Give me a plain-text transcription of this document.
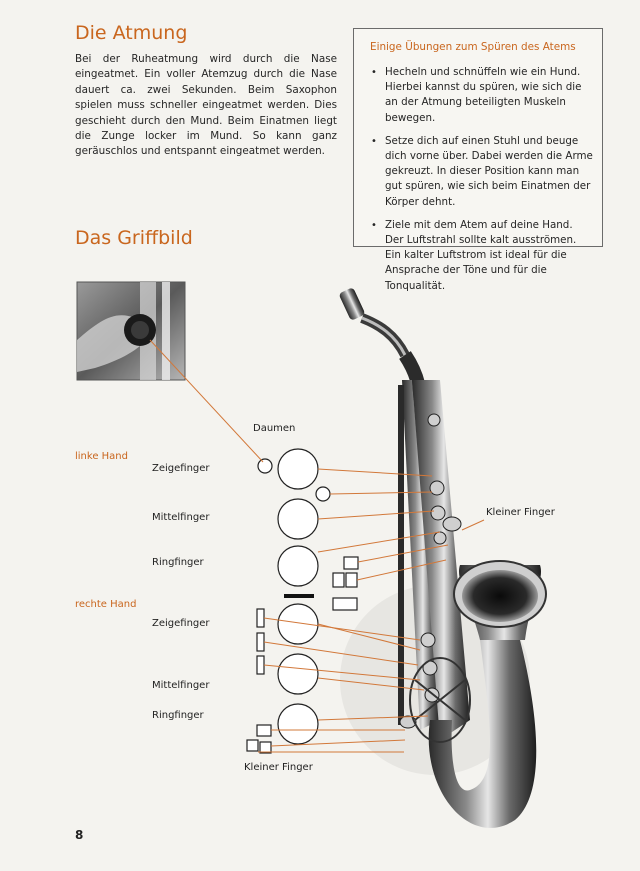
Die Atmung
Bei der Ruheatmung wird durch die Nase eingeatmet. Ein voller Atemzug durch die Nase dauert ca. zwei Sekunden. Beim Saxophon spielen muss schneller eingeatmet werden. Dies geschieht durch den Mund. Beim Einatmen liegt die Zunge locker im Mund. So kann ganz geräuschlos und entspannt eingeatmet werden.
Einige Übungen zum Spüren des Atems
• Hecheln und schnüffeln wie ein Hund. Hierbei kannst du spüren, wie sich die an der Atmung beteiligten Muskeln bewegen.
• Setze dich auf einen Stuhl und beuge dich vorne über. Dabei werden die Arme gekreuzt. In dieser Position kann man gut spüren, wie sich beim Einatmen der Körper dehnt.
• Ziele mit dem Atem auf deine Hand. Der Luftstrahl sollte kalt ausströmen. Ein kalter Luftstrom ist ideal für die Ansprache der Töne und für die Tonqualität.
Das Griffbild
Daumen
linke Hand
Zeigefinger
Mittelfinger
Ringfinger
rechte Hand
Zeigefinger
Mittelfinger
Ringfinger
Kleiner Finger
Kleiner Finger
8
